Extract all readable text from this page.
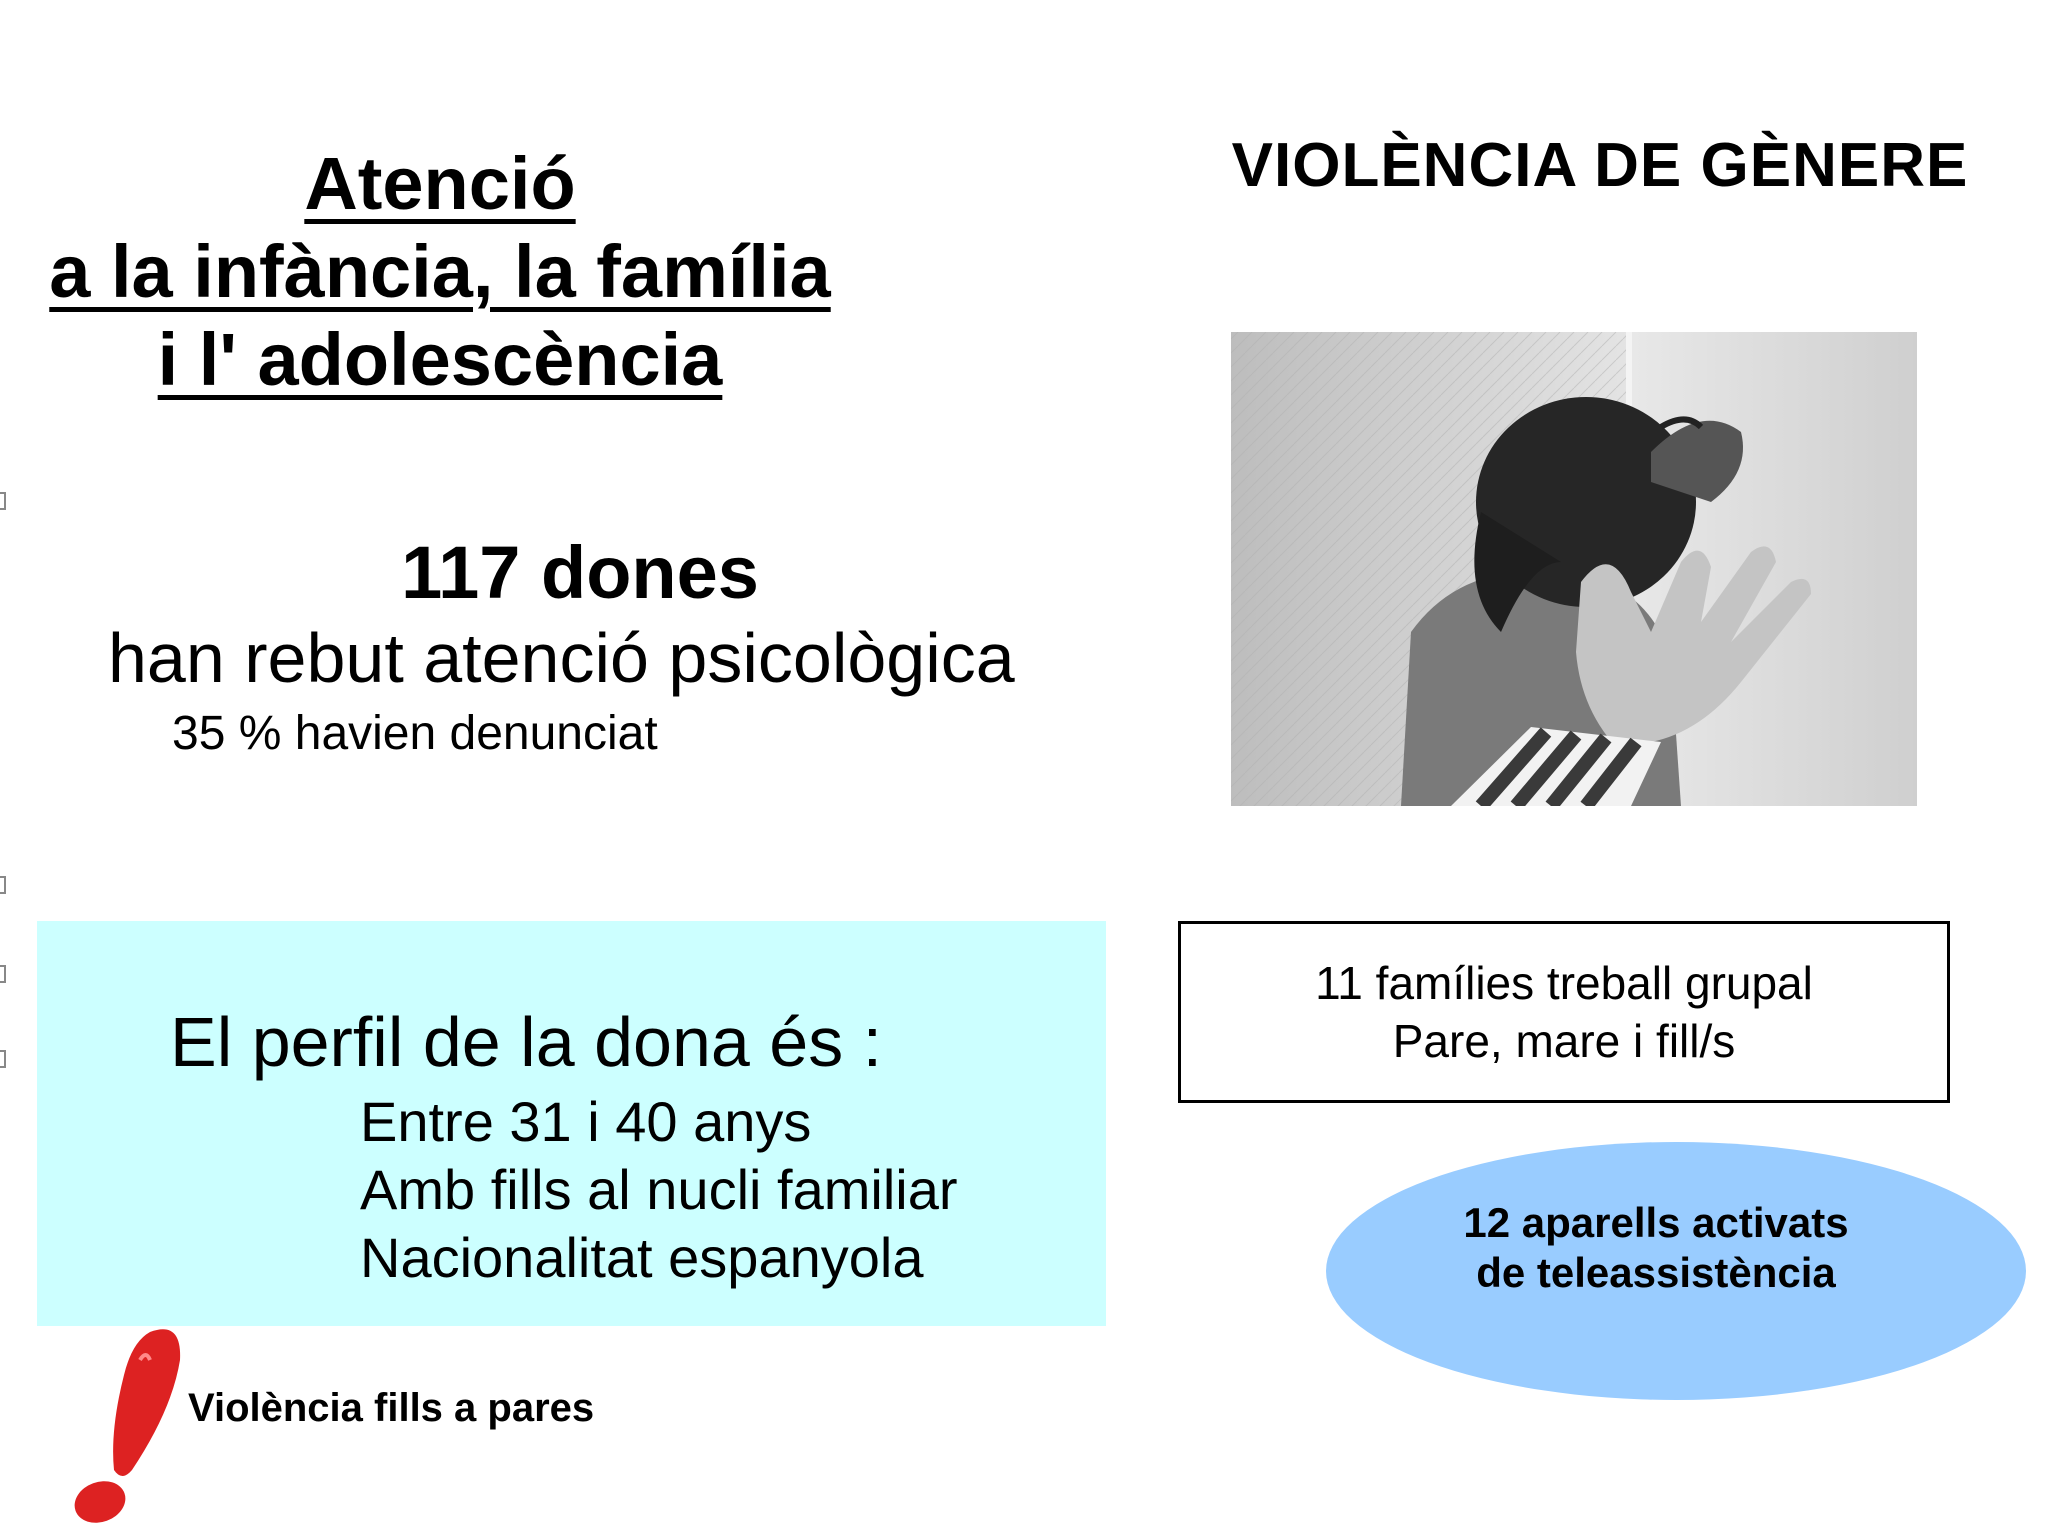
Atenció
a la infància, la família
i l' adolescència
VIOLÈNCIA DE GÈNERE
117 dones
han rebut atenció psicològica
35 % havien denunciat
El perfil de la dona és :
Entre 31 i 40 anys
Amb fills al nucli familiar
Nacionalitat espanyola
11 famílies treball grupal
Pare, mare i fill/s
12 aparells activats
de teleassistència
Violència fills a pares
